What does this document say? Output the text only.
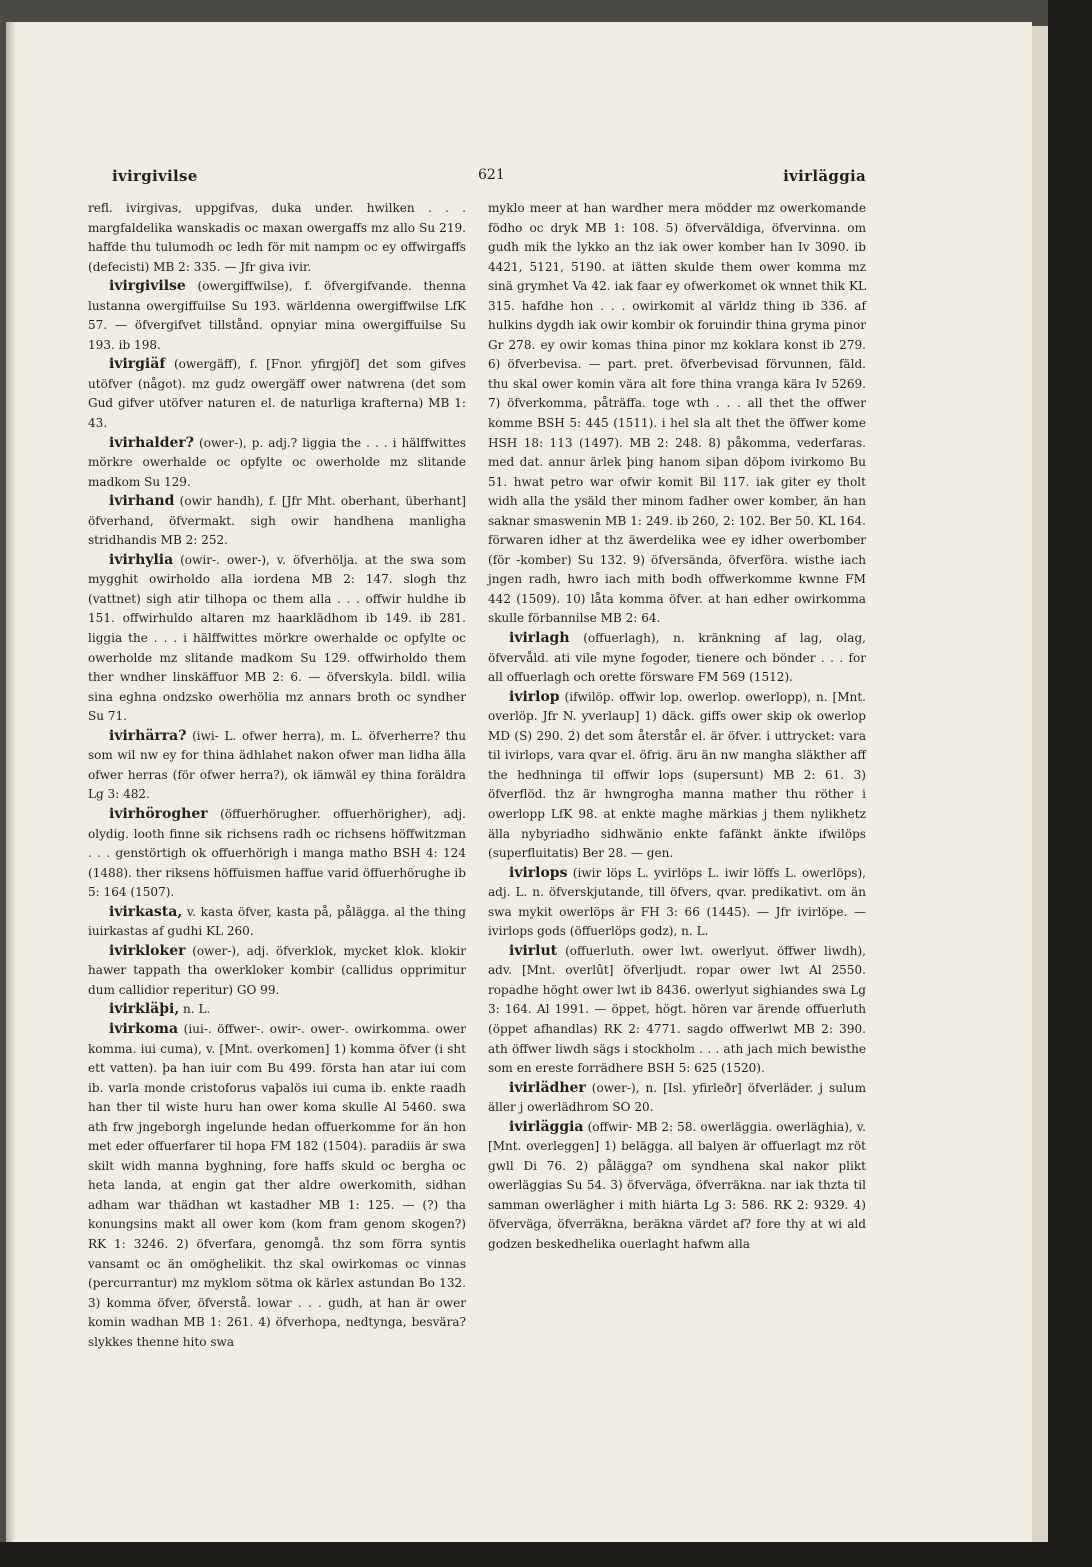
ivirgivilse	621	ivirläggia

refl. ivirgivas, uppgifvas, duka under. hwilken . . . margfaldelika wanskadis oc maxan owergaffs mz allo Su 219. haffde thu tulumodh oc ledh för mit nampm oc ey offwirgaffs (defecisti) MB 2: 335. — Jfr giva ivir.

ivirgivilse (owergiffwilse), f. öfvergifvande. thenna lustanna owergiffuilse Su 193. wärldenna owergiffwilse LfK 57. — öfvergifvet tillstånd. opnyiar mina owergiffuilse Su 193. ib 198.

ivirgiäf (owergäff), f. [Fnor. yfirgjöf] det som gifves utöfver (något). mz gudz owergäff ower natwrena (det som Gud gifver utöfver naturen el. de naturliga krafterna) MB 1: 43.

ivirhalder? (ower-), p. adj.? liggia the . . . i hälffwittes mörkre owerhalde oc opfylte oc owerholde mz slitande madkom Su 129.

ivirhand (owir handh), f. [Jfr Mht. oberhant, überhant] öfverhand, öfvermakt. sigh owir handhena manligha stridhandis MB 2: 252.

ivirhylia (owir-. ower-), v. öfverhölja. at the swa som mygghit owirholdo alla iordena MB 2: 147. slogh thz (vattnet) sigh atir tilhopa oc them alla . . . offwir huldhe ib 151. offwirhuldo altaren mz haarklädhom ib 149. ib 281. liggia the . . . i hälffwittes mörkre owerhalde oc opfylte oc owerholde mz slitande madkom Su 129. offwirholdo them ther wndher linskäffuor MB 2: 6. — öfverskyla. bildl. wilia sina eghna ondzsko owerhölia mz annars broth oc syndher Su 71.

ivirhärra? (iwi- L. ofwer herra), m. L. öfverherre? thu som wil nw ey for thina ädhlahet nakon ofwer man lidha älla ofwer herras (för ofwer herra?), ok iämwäl ey thina foräldra Lg 3: 482.

ivirhörogher (öffuerhörugher. offuerhörigher), adj. olydig. looth finne sik richsens radh oc richsens höffwitzman . . . genstörtigh ok offuerhörigh i manga matho BSH 4: 124 (1488). ther riksens höffuismen haffue varid öffuerhörughe ib 5: 164 (1507).

ivirkasta, v. kasta öfver, kasta på, pålägga. al the thing iuirkastas af gudhi KL 260.

ivirkloker (ower-), adj. öfverklok, mycket klok. klokir hawer tappath tha owerkloker kombir (callidus opprimitur dum callidior reperitur) GO 99.

ivirkläþi, n. L.

ivirkoma (iui-. öffwer-. owir-. ower-. owirkomma. ower komma. iui cuma), v. [Mnt. overkomen] 1) komma öfver (i sht ett vatten). þa han iuir com Bu 499. första han atar iui com ib. varla monde cristoforus vaþalös iui cuma ib. enkte raadh han ther til wiste huru han ower koma skulle Al 5460. swa ath frw jngeborgh ingelunde hedan offuerkomme for än hon met eder offuerfarer til hopa FM 182 (1504). paradiis är swa skilt widh manna byghning, fore haffs skuld oc bergha oc heta landa, at engin gat ther aldre owerkomith, sidhan adham war thädhan wt kastadher MB 1: 125. — (?) tha konungsins makt all ower kom (kom fram genom skogen?) RK 1: 3246. 2) öfverfara, genomgå. thz som förra syntis vansamt oc än omöghelikit. thz skal owirkomas oc vinnas (percurrantur) mz myklom sötma ok kärlex astundan Bo 132. 3) komma öfver, öfverstå. lowar . . . gudh, at han är ower komin wadhan MB 1: 261. 4) öfverhopa, nedtynga, besvära? slykkes thenne hito swa

myklo meer at han wardher mera mödder mz owerkomande födho oc dryk MB 1: 108. 5) öfverväldiga, öfvervinna. om gudh mik the lykko an thz iak ower komber han Iv 3090. ib 4421, 5121, 5190. at iätten skulde them ower komma mz sinä grymhet Va 42. iak faar ey ofwerkomet ok wnnet thik KL 315. hafdhe hon . . . owirkomit al världz thing ib 336. af hulkins dygdh iak owir kombir ok foruindir thina gryma pinor Gr 278. ey owir komas thina pinor mz koklara konst ib 279. 6) öfverbevisa. — part. pret. öfverbevisad förvunnen, fäld. thu skal ower komin vära alt fore thina vranga kära Iv 5269. 7) öfverkomma, påträffa. toge wth . . . all thet the offwer komme BSH 5: 445 (1511). i hel sla alt thet the öffwer kome HSH 18: 113 (1497). MB 2: 248. 8) påkomma, vederfaras. med dat. annur ärlek þing hanom siþan döþom ivirkomo Bu 51. hwat petro war ofwir komit Bil 117. iak giter ey tholt widh alla the ysäld ther minom fadher ower komber, än han saknar smaswenin MB 1: 249. ib 260, 2: 102. Ber 50. KL 164. förwaren idher at thz äwerdelika wee ey idher owerbomber (för -komber) Su 132. 9) öfversända, öfverföra. wisthe iach jngen radh, hwro iach mith bodh offwerkomme kwnne FM 442 (1509). 10) låta komma öfver. at han edher owirkomma skulle förbannilse MB 2: 64.

ivirlagh (offuerlagh), n. kränkning af lag, olag, öfvervåld. ati vile myne fogoder, tienere och bönder . . . for all offuerlagh och orette försware FM 569 (1512).

ivirlop (ifwilöp. offwir lop. owerlop. owerlopp), n. [Mnt. overlöp. Jfr N. yverlaup] 1) däck. giffs ower skip ok owerlop MD (S) 290. 2) det som återstår el. är öfver. i uttrycket: vara til ivirlops, vara qvar el. öfrig. äru än nw mangha släkther aff the hedhninga til offwir lops (supersunt) MB 2: 61. 3) öfverflöd. thz är hwngrogha manna mather thu röther i owerlopp LfK 98. at enkte maghe märkias j them nylikhetz älla nybyriadho sidhwänio enkte fafänkt änkte ifwilöps (superfluitatis) Ber 28. — gen.

ivirlops (iwir löps L. yvirlöps L. iwir löffs L. owerlöps), adj. L. n. öfverskjutande, till öfvers, qvar. predikativt. om än swa mykit owerlöps är FH 3: 66 (1445). — Jfr ivirlöpe. — ivirlops gods (öffuerlöps godz), n. L.

ivirlut (offuerluth. ower lwt. owerlyut. öffwer liwdh), adv. [Mnt. overlût] öfverljudt. ropar ower lwt Al 2550. ropadhe höght ower lwt ib 8436. owerlyut sighiandes swa Lg 3: 164. Al 1991. — öppet, högt. hören var ärende offuerluth (öppet afhandlas) RK 2: 4771. sagdo offwerlwt MB 2: 390. ath öffwer liwdh sägs i stockholm . . . ath jach mich bewisthe som en ereste forrädhere BSH 5: 625 (1520).

ivirlädher (ower-), n. [Isl. yfirleðr] öfverläder. j sulum äller j owerlädhrom SO 20.

ivirläggia (offwir- MB 2: 58. owerläggia. owerläghia), v. [Mnt. overleggen] 1) belägga. all balyen är offuerlagt mz röt gwll Di 76. 2) pålägga? om syndhena skal nakor plikt owerläggias Su 54. 3) öfverväga, öfverräkna. nar iak thzta til samman owerlägher i mith hiärta Lg 3: 586. RK 2: 9329. 4) öfverväga, öfverräkna, beräkna värdet af? fore thy at wi ald godzen beskedhelika ouerlaght hafwm alla
